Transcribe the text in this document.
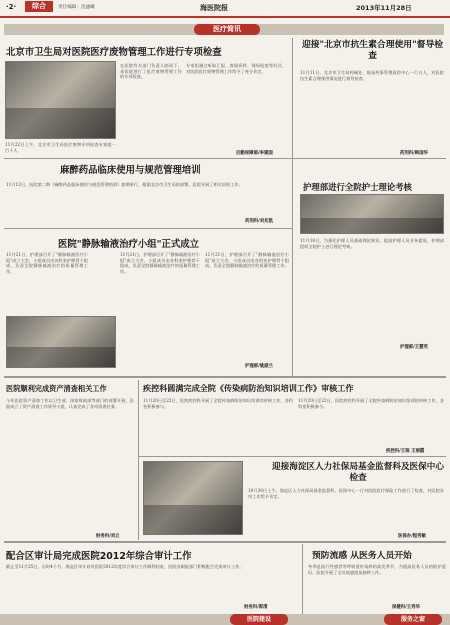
·2·	综合	责任编辑：沈逾曦	海医院报	2013年11月28日
医疗简讯
北京市卫生局对医院医疗废物管理工作进行专项检查
11月22日上午，北京市卫生局医疗废物专项检查专家组一行十人
在医院有关部门负责人陪同下，来医院进行了医疗废物管理工作的专项检查。
专家组通过听取汇报、查阅资料、现场检查等形式，对医院医疗废物管理工作给予了充分肯定。
后勤保障部/李建国
迎接"北京市抗生素合理使用"督导检查
11月11日，北京市卫生局药械处、临床药事管理质控中心一行五人，对医院抗生素合理使用情况进行督导检查。
药剂科/韩国华
麻醉药品临床使用与规范管理培训
11月12日，医院第二期《麻醉药品临床使用与规范管理培训》如期举行，根据北京市卫生局的部署，医院开展了相关培训工作。
药剂科/刘兆凯
护理部进行全院护士理论考核
11月18日，为强化护理人员基础理论知识，提高护理人员业务素质，护理部组织全院护士进行理论考核。
护理部/王慧英
医院"静脉输液治疗小组"正式成立
11月21日，护理部召开了"静脉输液治疗小组"成立大会，小组成员由各科室护理骨干组成，负责全院静脉输液治疗的质量管理工作。
11月21日，护理部召开了"静脉输液治疗小组"成立大会，小组成员由各科室护理骨干组成，负责全院静脉输液治疗的质量管理工作。
11月21日，护理部召开了"静脉输液治疗小组"成立大会，小组成员由各科室护理骨干组成，负责全院静脉输液治疗的质量管理工作。
护理部/姚淑兰
医院顺利完成资产清查相关工作
今年医院资产清查工作以卫生部、国家财政部等部门的部署开展，医院成立了资产清查工作领导小组，认真完成了各项清查任务。
财务科/刘立
疾控科圆满完成全院《传染病防治知识培训工作》审核工作
11月20日至22日，医院疾控科开展了全院传染病防治知识培训的审核工作，各科室积极参与。
11月20日至22日，医院疾控科开展了全院传染病防治知识培训的审核工作，各科室积极参与。
疾控科/王瑞 王丽霞
迎接海淀区人力社保局基金监督科及医保中心检查
10月30日上午，海淀区人力社保局基金监督科、医保中心一行对医院医疗保险工作进行了检查，对医院各项工作给予肯定。
医保办/程秀敏
配合区审计局完成医院2012年综合审计工作
截止至11月25日，历时4个月，海淀区审计局对医院2012年度综合审计工作顺利结束，医院各职能部门积极配合完成审计工作。
财务科/郭清
预防流感 从医务人员开始
冬季是流行性感冒等呼吸道传染病的高发季节，为提高医务人员的防护意识，医院开展了全员流感疫苗接种工作。
保健科/王秀华
医院建设	服务之窗
